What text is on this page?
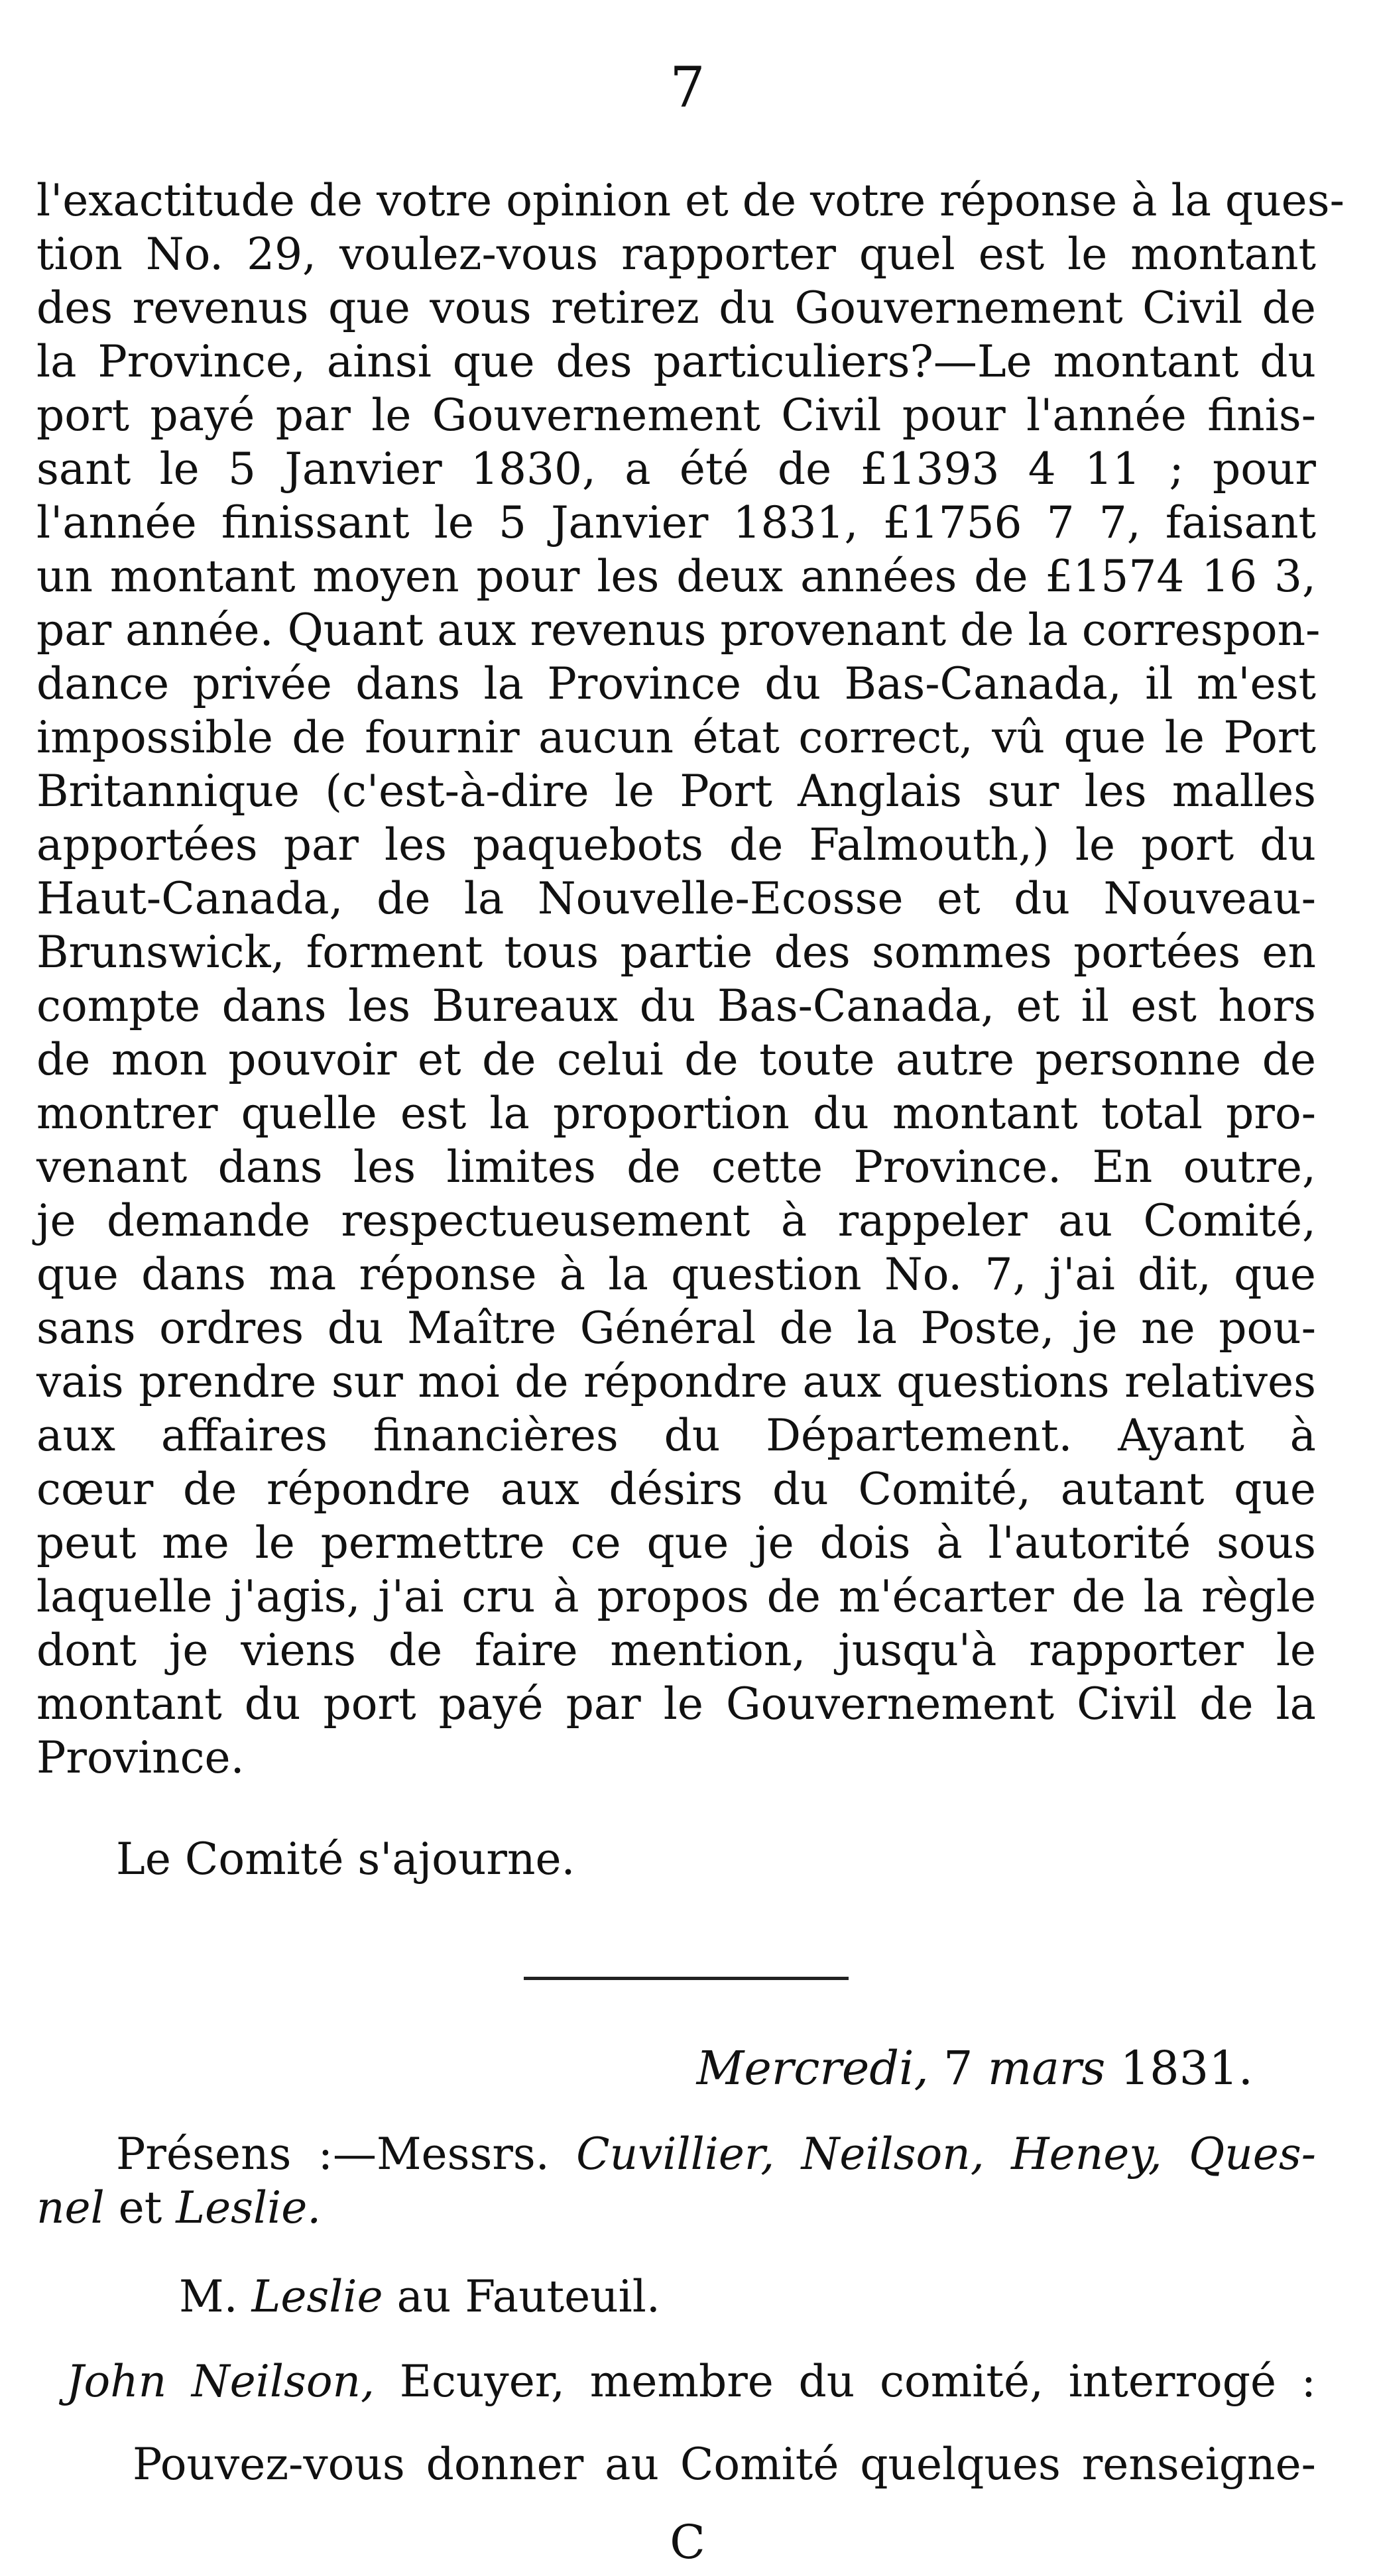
7
l'exactitude de votre opinion et de votre réponse à la ques-
tion No. 29, voulez-vous rapporter quel est le montant
des revenus que vous retirez du Gouvernement Civil de
la Province, ainsi que des particuliers?—Le montant du
port payé par le Gouvernement Civil pour l'année finis-
sant le 5 Janvier 1830, a été de £1393 4 11 ; pour
l'année finissant le 5 Janvier 1831, £1756 7 7, faisant
un montant moyen pour les deux années de £1574 16 3,
par année. Quant aux revenus provenant de la correspon-
dance privée dans la Province du Bas-Canada, il m'est
impossible de fournir aucun état correct, vû que le Port
Britannique (c'est-à-dire le Port Anglais sur les malles
apportées par les paquebots de Falmouth,) le port du
Haut-Canada, de la Nouvelle-Ecosse et du Nouveau-
Brunswick, forment tous partie des sommes portées en
compte dans les Bureaux du Bas-Canada, et il est hors
de mon pouvoir et de celui de toute autre personne de
montrer quelle est la proportion du montant total pro-
venant dans les limites de cette Province. En outre,
je demande respectueusement à rappeler au Comité,
que dans ma réponse à la question No. 7, j'ai dit, que
sans ordres du Maître Général de la Poste, je ne pou-
vais prendre sur moi de répondre aux questions relatives
aux affaires financières du Département. Ayant à
cœur de répondre aux désirs du Comité, autant que
peut me le permettre ce que je dois à l'autorité sous
laquelle j'agis, j'ai cru à propos de m'écarter de la règle
dont je viens de faire mention, jusqu'à rapporter le
montant du port payé par le Gouvernement Civil de la
Province.
Le Comité s'ajourne.
Mercredi, 7 mars 1831.
Présens :—Messrs. Cuvillier, Neilson, Heney, Ques-
nel et Leslie.
M. Leslie au Fauteuil.
John Neilson, Ecuyer, membre du comité, interrogé :
Pouvez-vous donner au Comité quelques renseigne-
C
